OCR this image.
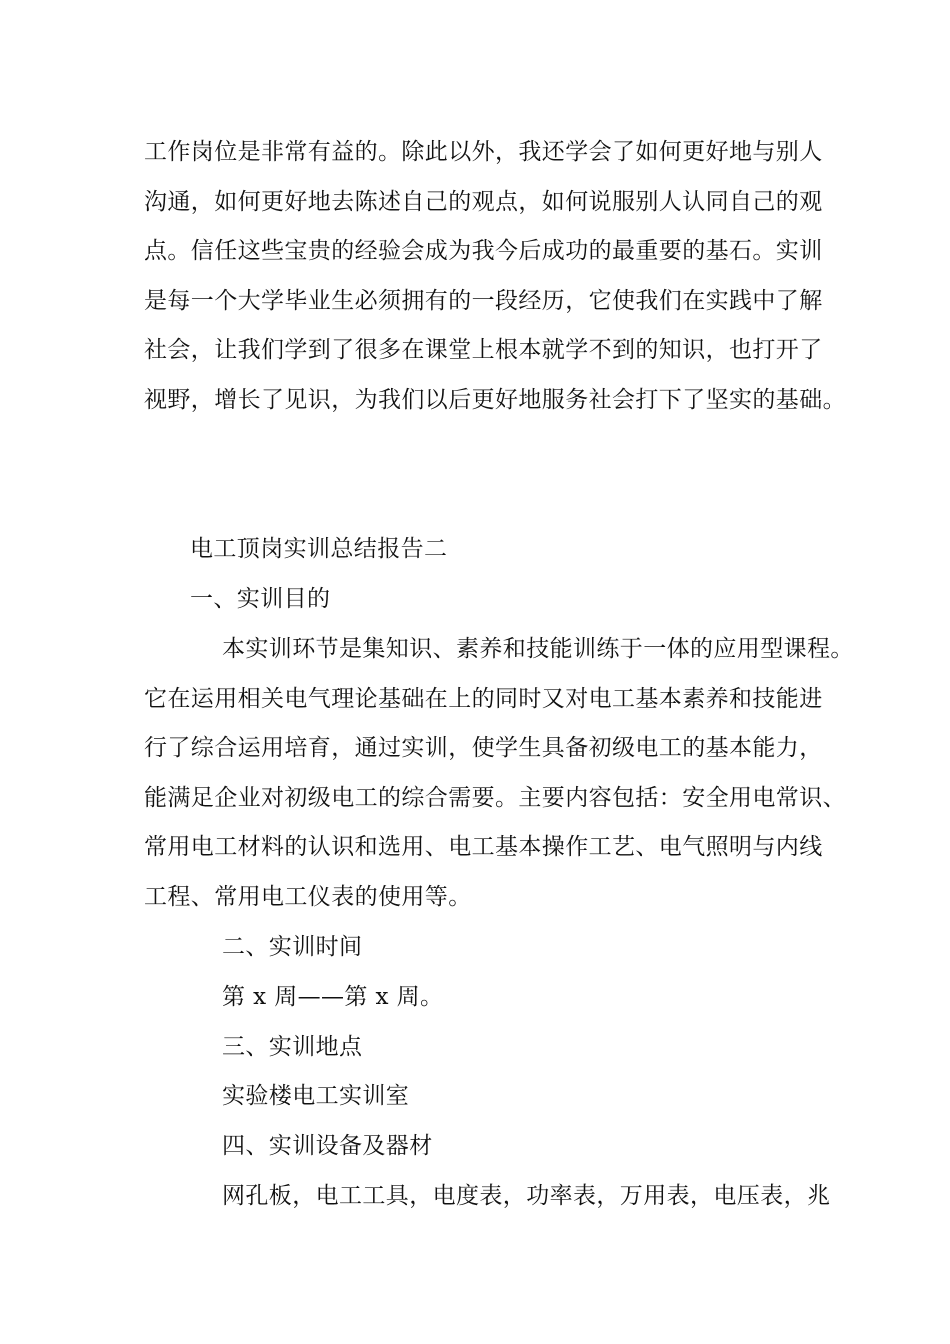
工作岗位是非常有益的。除此以外，我还学会了如何更好地与别人
沟通，如何更好地去陈述自己的观点，如何说服别人认同自己的观
点。信任这些宝贵的经验会成为我今后成功的最重要的基石。实训
是每一个大学毕业生必须拥有的一段经历，它使我们在实践中了解
社会，让我们学到了很多在课堂上根本就学不到的知识，也打开了
视野，增长了见识，为我们以后更好地服务社会打下了坚实的基础。
电工顶岗实训总结报告二
一、实训目的
本实训环节是集知识、素养和技能训练于一体的应用型课程。
它在运用相关电气理论基础在上的同时又对电工基本素养和技能进
行了综合运用培育，通过实训，使学生具备初级电工的基本能力，
能满足企业对初级电工的综合需要。主要内容包括：安全用电常识、
常用电工材料的认识和选用、电工基本操作工艺、电气照明与内线
工程、常用电工仪表的使用等。
二、实训时间
第 x 周——第 x 周。
三、实训地点
实验楼电工实训室
四、实训设备及器材
网孔板，电工工具，电度表，功率表，万用表，电压表，兆
